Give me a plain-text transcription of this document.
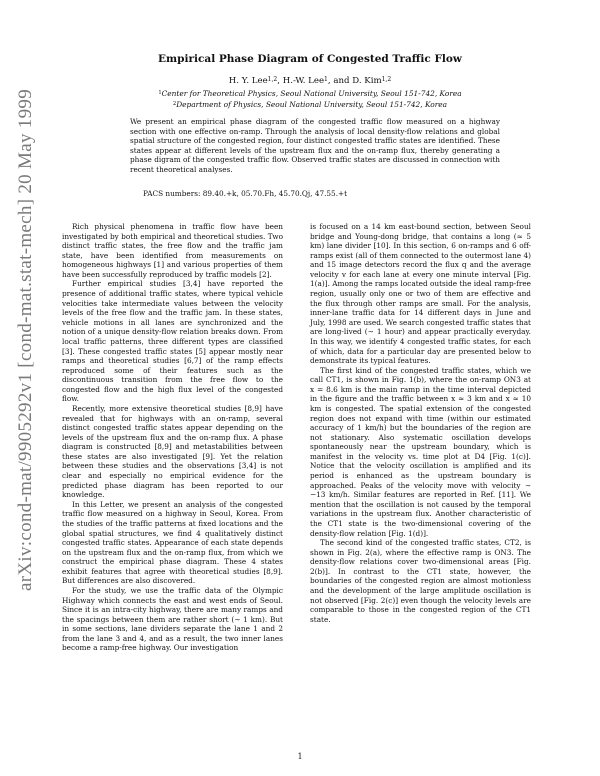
arXiv:cond-mat/9905292v1 [cond-mat.stat-mech] 20 May 1999
Empirical Phase Diagram of Congested Traffic Flow
H. Y. Lee$^{1,2}$, H.-W. Lee$^1$, and D. Kim$^{1,2}$
$^1$Center for Theoretical Physics, Seoul National University, Seoul 151-742, Korea
$^2$Department of Physics, Seoul National University, Seoul 151-742, Korea
We present an empirical phase diagram of the congested traffic flow measured on a highway section with one effective on-ramp. Through the analysis of local density-flow relations and global spatial structure of the congested region, four distinct congested traffic states are identified. These states appear at different levels of the upstream flux and the on-ramp flux, thereby generating a phase digram of the congested traffic flow. Observed traffic states are discussed in connection with recent theoretical analyses.
PACS numbers: 89.40.+k, 05.70.Fh, 45.70.Qj, 47.55.+t

Rich physical phenomena in traffic flow have been investigated by both empirical and theoretical studies. Two distinct traffic states, the free flow and the traffic jam state, have been identified from measurements on homogeneous highways [1] and various properties of them have been successfully reproduced by traffic models [2].

Further empirical studies [3,4] have reported the presence of additional traffic states, where typical vehicle velocities take intermediate values between the velocity levels of the free flow and the traffic jam. In these states, vehicle motions in all lanes are synchronized and the notion of a unique density-flow relation breaks down. From local traffic patterns, three different types are classified [3]. These congested traffic states [5] appear mostly near ramps and theoretical studies [6,7] of the ramp effects reproduced some of their features such as the discontinuous transition from the free flow to the congested flow and the high flux level of the congested flow.

Recently, more extensive theoretical studies [8,9] have revealed that for highways with an on-ramp, several distinct congested traffic states appear depending on the levels of the upstream flux and the on-ramp flux. A phase diagram is constructed [8,9] and metastabilities between these states are also investigated [9]. Yet the relation between these studies and the observations [3,4] is not clear and especially no empirical evidence for the predicted phase diagram has been reported to our knowledge.

In this Letter, we present an analysis of the congested traffic flow measured on a highway in Seoul, Korea. From the studies of the traffic patterns at fixed locations and the global spatial structures, we find 4 qualitatively distinct congested traffic states. Appearance of each state depends on the upstream flux and the on-ramp flux, from which we construct the empirical phase diagram. These 4 states exhibit features that agree with theoretical studies [8,9]. But differences are also discovered.

For the study, we use the traffic data of the Olympic Highway which connects the east and west ends of Seoul. Since it is an intra-city highway, there are many ramps and the spacings between them are rather short (∼ 1 km). But in some sections, lane dividers separate the lane 1 and 2 from the lane 3 and 4, and as a result, the two inner lanes become a ramp-free highway. Our investigation

is focused on a 14 km east-bound section, between Seoul bridge and Young-dong bridge, that contains a long (≈ 5 km) lane divider [10]. In this section, 6 on-ramps and 6 off-ramps exist (all of them connected to the outermost lane 4) and 15 image detectors record the flux q and the average velocity v for each lane at every one minute interval [Fig. 1(a)]. Among the ramps located outside the ideal ramp-free region, usually only one or two of them are effective and the flux through other ramps are small. For the analysis, inner-lane traffic data for 14 different days in June and July, 1998 are used. We search congested traffic states that are long-lived (∼ 1 hour) and appear practically everyday. In this way, we identify 4 congested traffic states, for each of which, data for a particular day are presented below to demonstrate its typical features.

The first kind of the congested traffic states, which we call CT1, is shown in Fig. 1(b), where the on-ramp ON3 at x = 8.6 km is the main ramp in the time interval depicted in the figure and the traffic between x ≈ 3 km and x ≈ 10 km is congested. The spatial extension of the congested region does not expand with time (within our estimated accuracy of 1 km/h) but the boundaries of the region are not stationary. Also systematic oscillation develops spontaneously near the upstream boundary, which is manifest in the velocity vs. time plot at D4 [Fig. 1(c)]. Notice that the velocity oscillation is amplified and its period is enhanced as the upstream boundary is approached. Peaks of the velocity move with velocity ∼ −13 km/h. Similar features are reported in Ref. [11]. We mention that the oscillation is not caused by the temporal variations in the upstream flux. Another characteristic of the CT1 state is the two-dimensional covering of the density-flow relation [Fig. 1(d)].

The second kind of the congested traffic states, CT2, is shown in Fig. 2(a), where the effective ramp is ON3. The density-flow relations cover two-dimensional areas [Fig. 2(b)]. In contrast to the CT1 state, however, the boundaries of the congested region are almost motionless and the development of the large amplitude oscillation is not observed [Fig. 2(c)] even though the velocity levels are comparable to those in the congested region of the CT1 state.

1
